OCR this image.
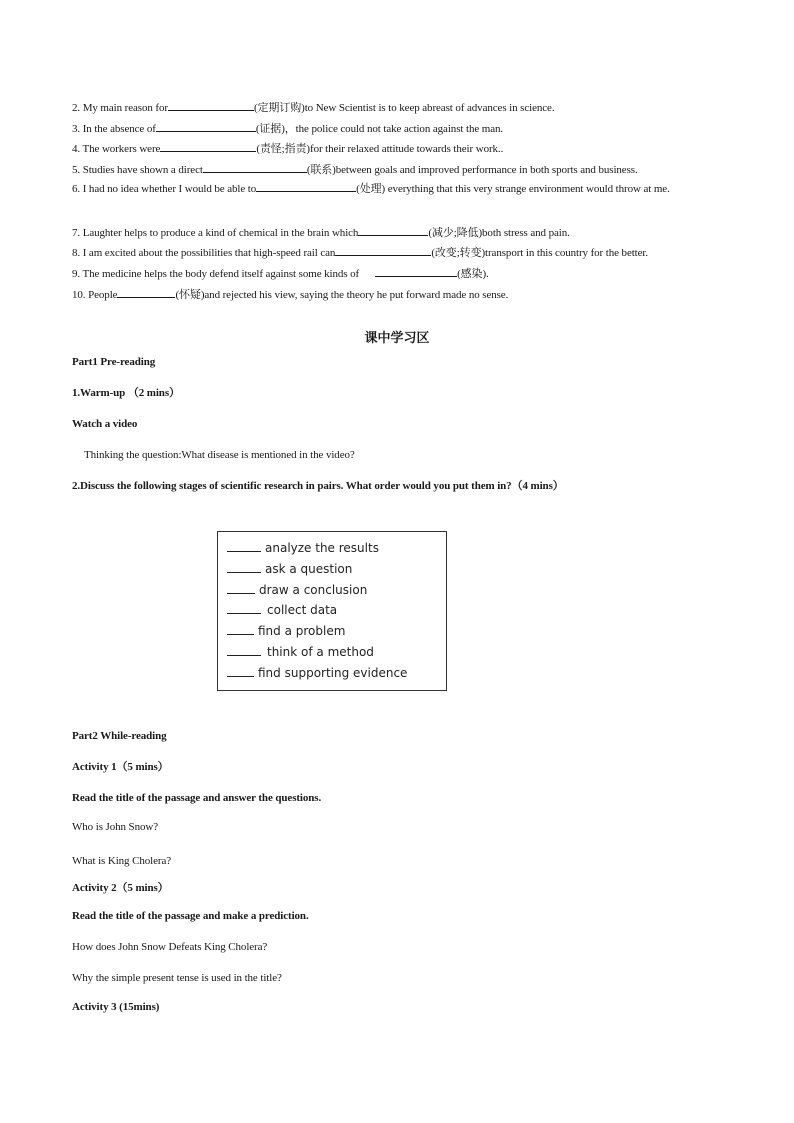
2. My main reason for	(定期订购)to New Scientist is to keep abreast of advances in science.
3. In the absence of	(证据)，the police could not take action against the man.
4. The workers were	(责怪;指责)for their relaxed attitude towards their work..
5. Studies have shown a direct	(联系)between goals and improved performance in both sports and business.
6. I had no idea whether I would be able to	(处理) everything that this very strange environment would throw at me.
7. Laughter helps to produce a kind of chemical in the brain which	(减少;降低)both stress and pain.
8. I am excited about the possibilities that high-speed rail can	(改变;转变)transport in this country for the better.
9. The medicine helps the body defend itself against some kinds of	(感染).
10. People	(怀疑)and rejected his view, saying the theory he put forward made no sense.
课中学习区
Part1 Pre-reading
1.Warm-up （2 mins）
Watch a video
Thinking the question:What disease is mentioned in the video?
2.Discuss the following stages of scientific research in pairs. What order would you put them in?（4 mins）
analyze the results
ask a question
draw a conclusion
collect data
find a problem
think of a method
find supporting evidence
Part2 While-reading
Activity 1（5 mins）
Read the title of the passage and answer the questions.
Who is John Snow?
What is King Cholera?
Activity 2（5 mins）
Read the title of the passage and make a prediction.
How does John Snow Defeats King Cholera?
Why the simple present tense is used in the title?
Activity 3 (15mins)
